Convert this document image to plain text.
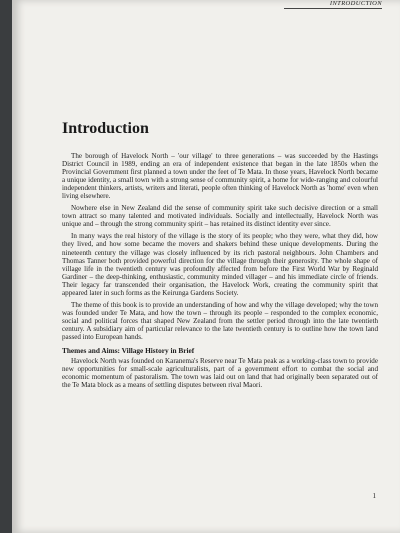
INTRODUCTION
Introduction

The borough of Havelock North – 'our village' to three generations – was succeeded by the Hastings District Council in 1989, ending an era of independent existence that began in the late 1850s when the Provincial Government first planned a town under the feet of Te Mata. In those years, Havelock North became a unique identity, a small town with a strong sense of community spirit, a home for wide-ranging and colourful independent thinkers, artists, writers and literati, people often thinking of Havelock North as 'home' even when living elsewhere.

Nowhere else in New Zealand did the sense of community spirit take such decisive direction or a small town attract so many talented and motivated individuals. Socially and intellectually, Havelock North was unique and – through the strong community spirit – has retained its distinct identity ever since.

In many ways the real history of the village is the story of its people; who they were, what they did, how they lived, and how some became the movers and shakers behind these unique developments. During the nineteenth century the village was closely influenced by its rich pastoral neighbours. John Chambers and Thomas Tanner both provided powerful direction for the village through their generosity. The whole shape of village life in the twentieth century was profoundly affected from before the First World War by Reginald Gardiner – the deep-thinking, enthusiastic, community minded villager – and his immediate circle of friends. Their legacy far transcended their organisation, the Havelock Work, creating the community spirit that appeared later in such forms as the Keirunga Gardens Society.

The theme of this book is to provide an understanding of how and why the village developed; why the town was founded under Te Mata, and how the town – through its people – responded to the complex economic, social and political forces that shaped New Zealand from the settler period through into the late twentieth century. A subsidiary aim of particular relevance to the late twentieth century is to outline how the town land passed into European hands.

Themes and Aims: Village History in Brief

Havelock North was founded on Karanema's Reserve near Te Mata peak as a working-class town to provide new opportunities for small-scale agriculturalists, part of a government effort to combat the social and economic momentum of pastoralism. The town was laid out on land that had originally been separated out of the Te Mata block as a means of settling disputes between rival Maori.

1
